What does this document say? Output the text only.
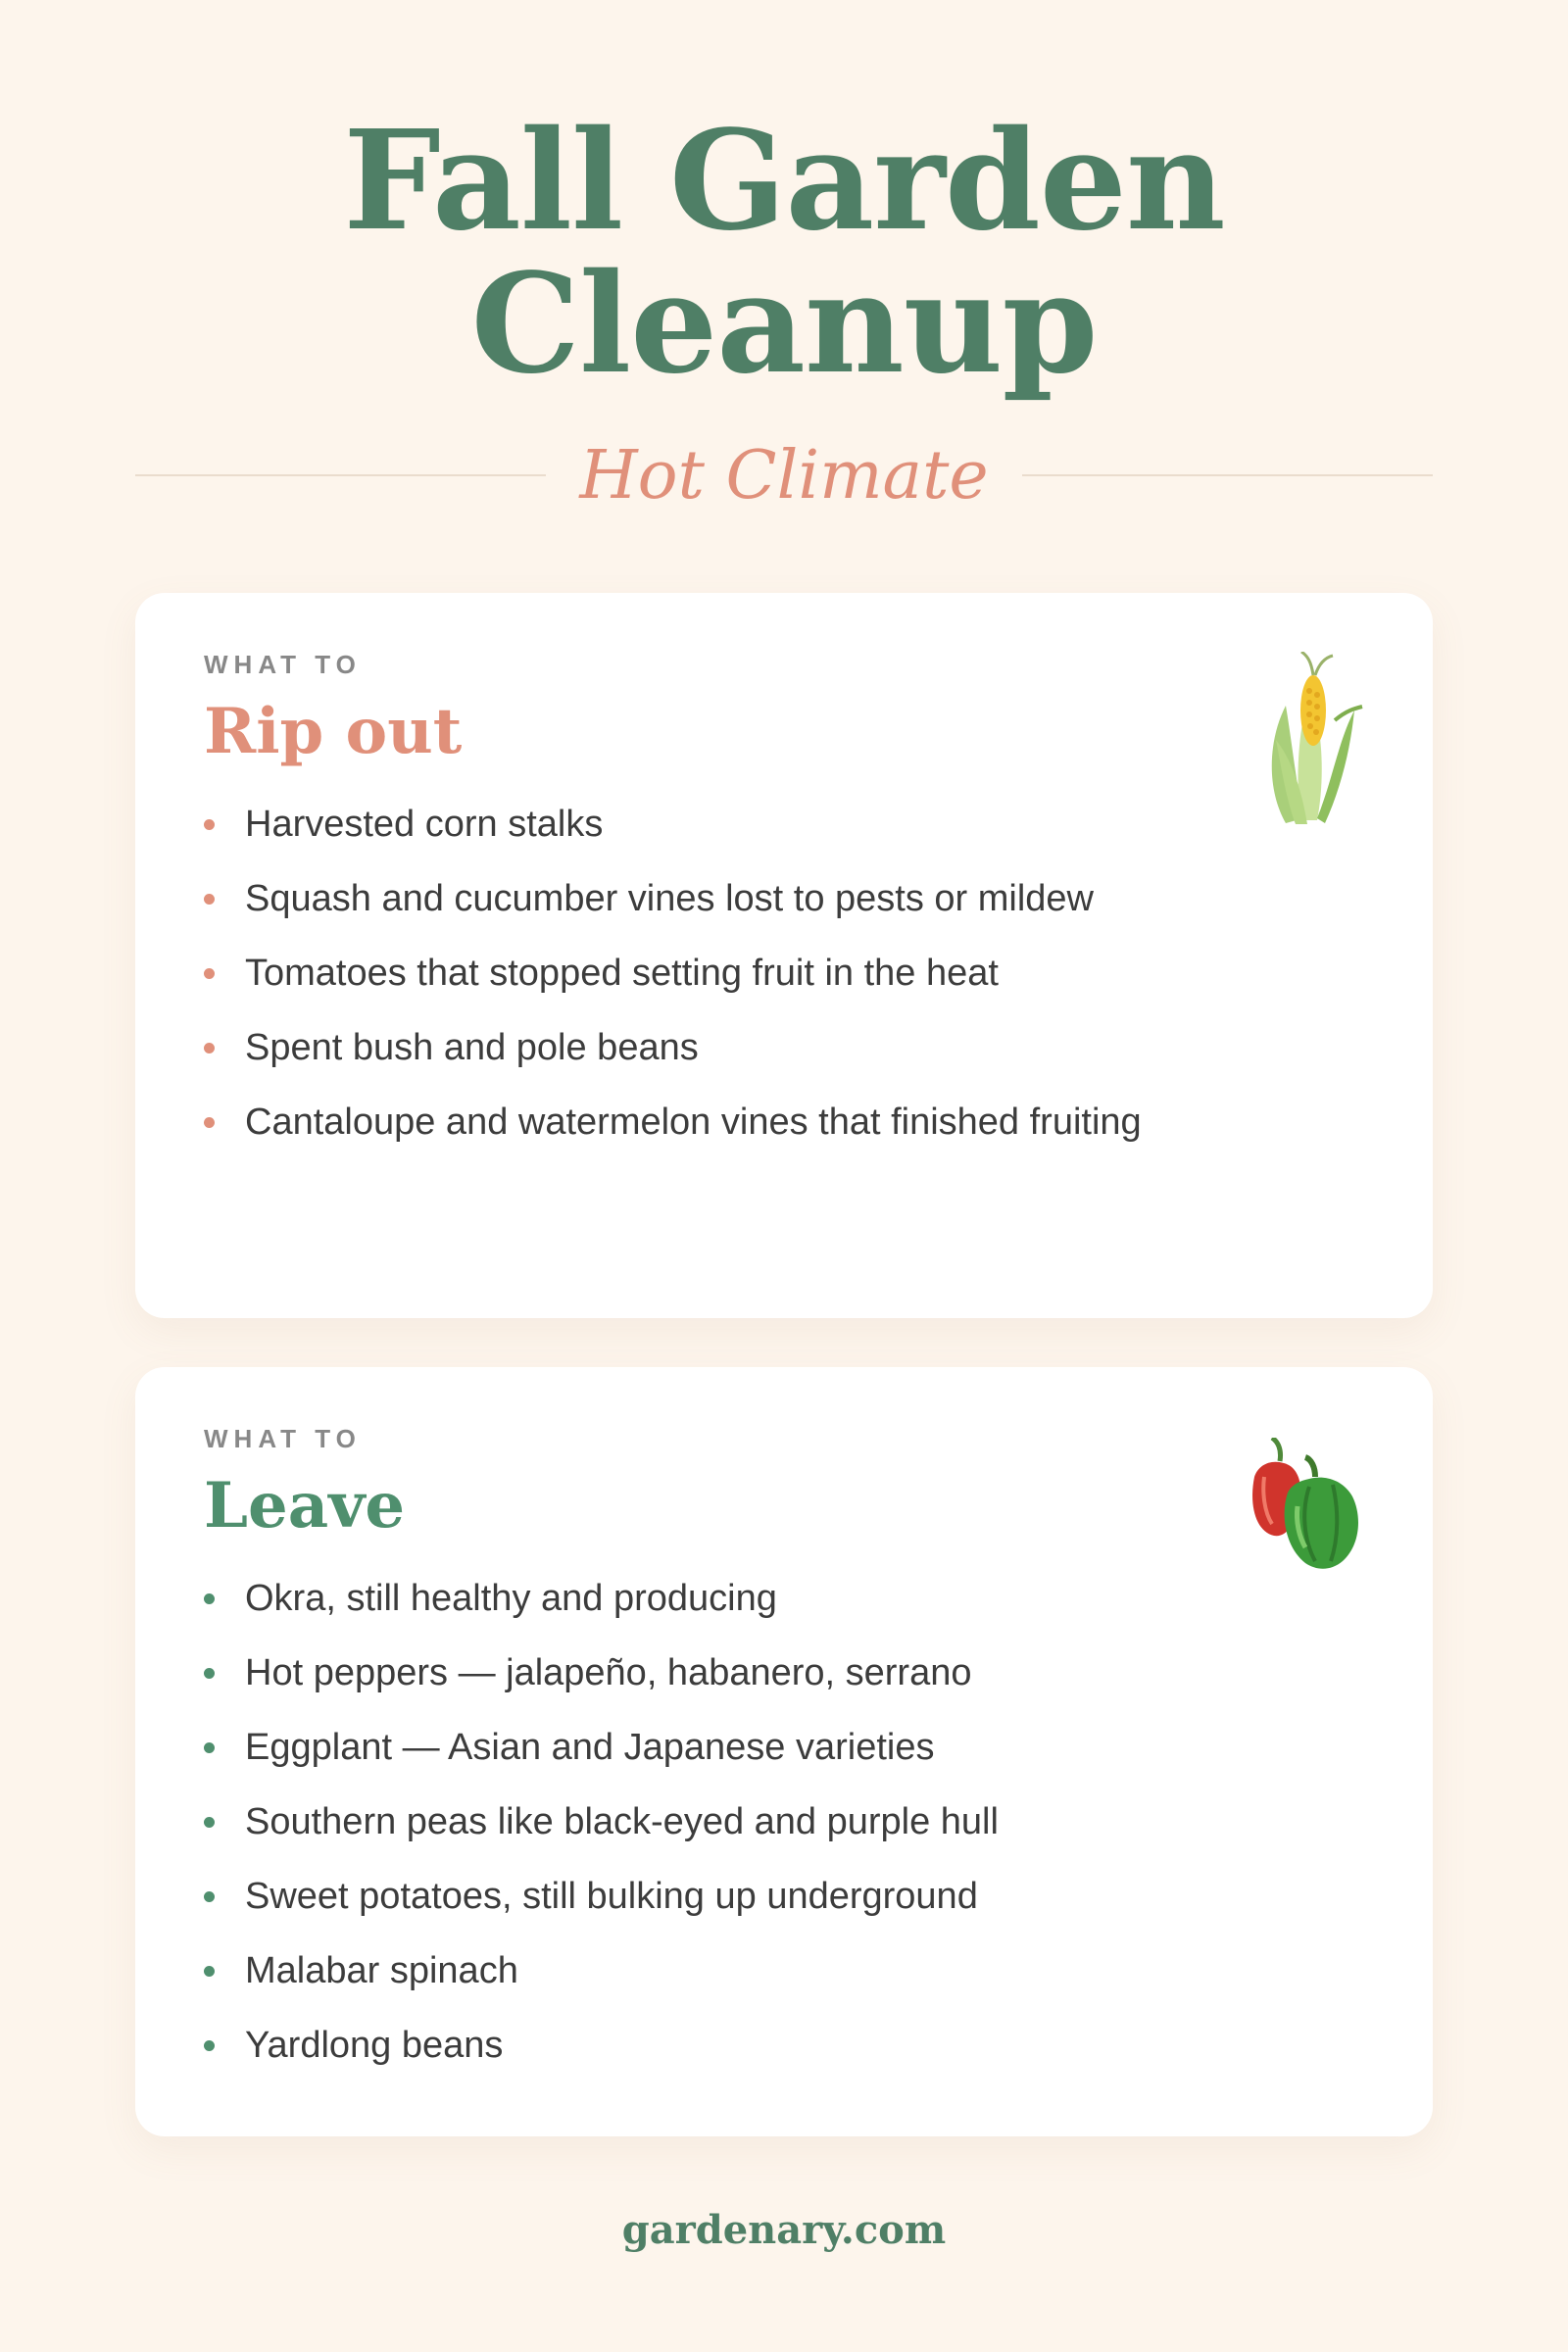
Fall Garden
Cleanup
Hot Climate
WHAT TO
Rip out
Harvested corn stalks
Squash and cucumber vines lost to pests or mildew
Tomatoes that stopped setting fruit in the heat
Spent bush and pole beans
Cantaloupe and watermelon vines that finished fruiting
WHAT TO
Leave
Okra, still healthy and producing
Hot peppers — jalapeño, habanero, serrano
Eggplant — Asian and Japanese varieties
Southern peas like black-eyed and purple hull
Sweet potatoes, still bulking up underground
Malabar spinach
Yardlong beans
gardenary.com
